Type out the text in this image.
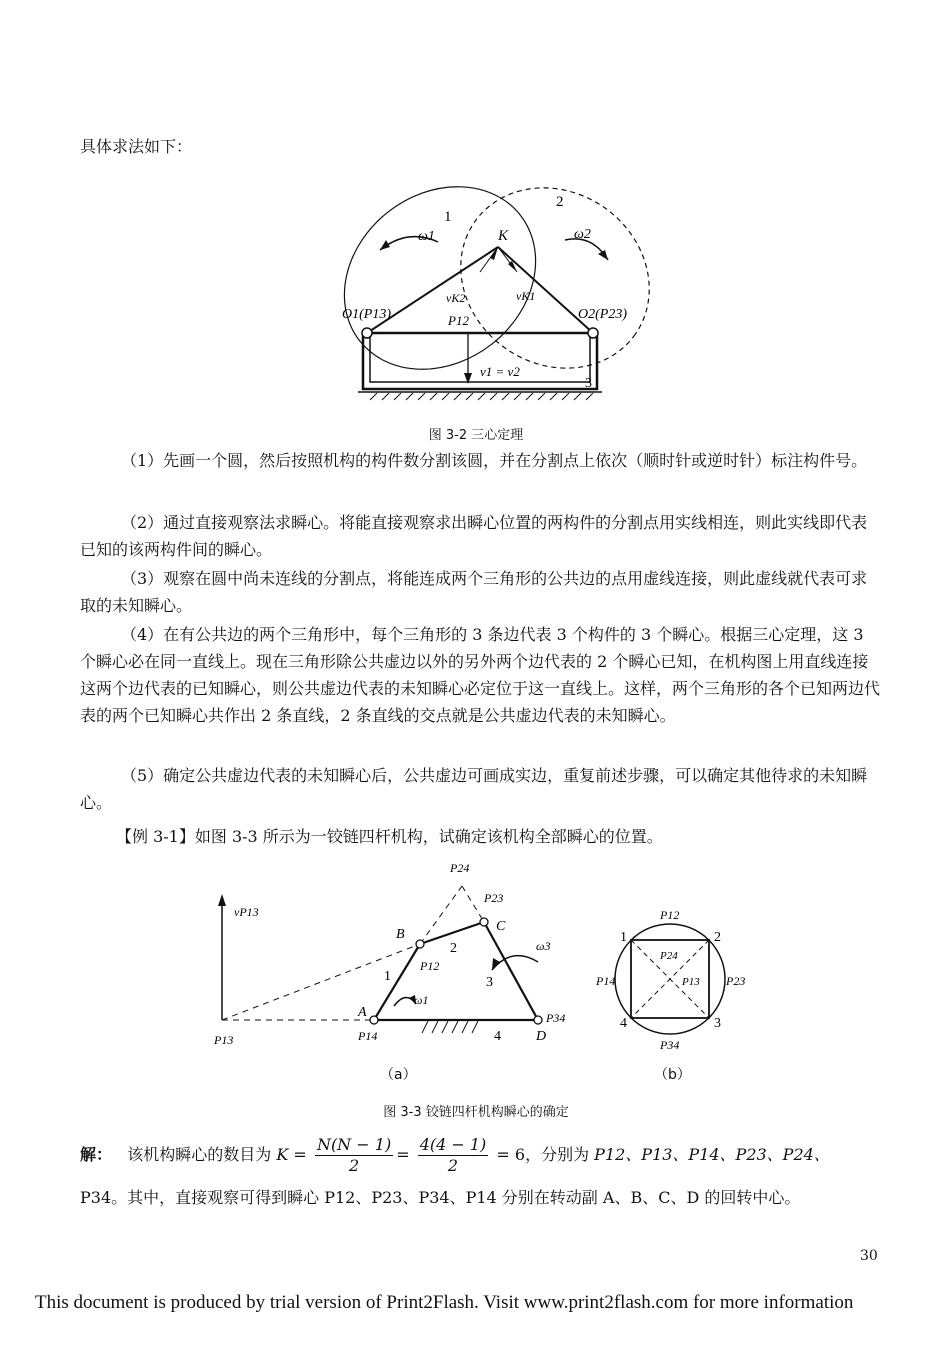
具体求法如下：
1
2
3
ω1	ω2
K
vK2	vK1
O1(P13)	O2(P23)
P12
v1 = v2
图 3-2 三心定理

（1）先画一个圆，然后按照机构的构件数分割该圆，并在分割点上依次（顺时针或逆时针）标注构件号。

（2）通过直接观察法求瞬心。将能直接观察求出瞬心位置的两构件的分割点用实线相连，则此实线即代表已知的该两构件间的瞬心。

（3）观察在圆中尚未连线的分割点，将能连成两个三角形的公共边的点用虚线连接，则此虚线就代表可求取的未知瞬心。

（4）在有公共边的两个三角形中，每个三角形的 3 条边代表 3 个构件的 3 个瞬心。根据三心定理，这 3 个瞬心必在同一直线上。现在三角形除公共虚边以外的另外两个边代表的 2 个瞬心已知，在机构图上用直线连接这两个边代表的已知瞬心，则公共虚边代表的未知瞬心必定位于这一直线上。这样，两个三角形的各个已知两边代表的两个已知瞬心共作出 2 条直线，2 条直线的交点就是公共虚边代表的未知瞬心。

（5）确定公共虚边代表的未知瞬心后，公共虚边可画成实边，重复前述步骤，可以确定其他待求的未知瞬心。

【例 3-1】如图 3-3 所示为一铰链四杆机构，试确定该机构全部瞬心的位置。

vP13
P24
P23
B
C
1
2
3
4
P12
ω3
ω1
A
D
P34
P13	P14
P12
1	2
3
4
P24
P14	P13 P23
P34
（a）	（b）
图 3-3 铰链四杆机构瞬心的确定
解： 该机构瞬心的数目为 $K = \frac{N(N - 1)}{2} = \frac{4(4 - 1)}{2} = 6$，分别为 P12、P13、P14、P23、P24、

P34。其中，直接观察可得到瞬心 P12、P23、P34、P14 分别在转动副 A、B、C、D 的回转中心。

30
This document is produced by trial version of Print2Flash. Visit www.print2flash.com for more information
